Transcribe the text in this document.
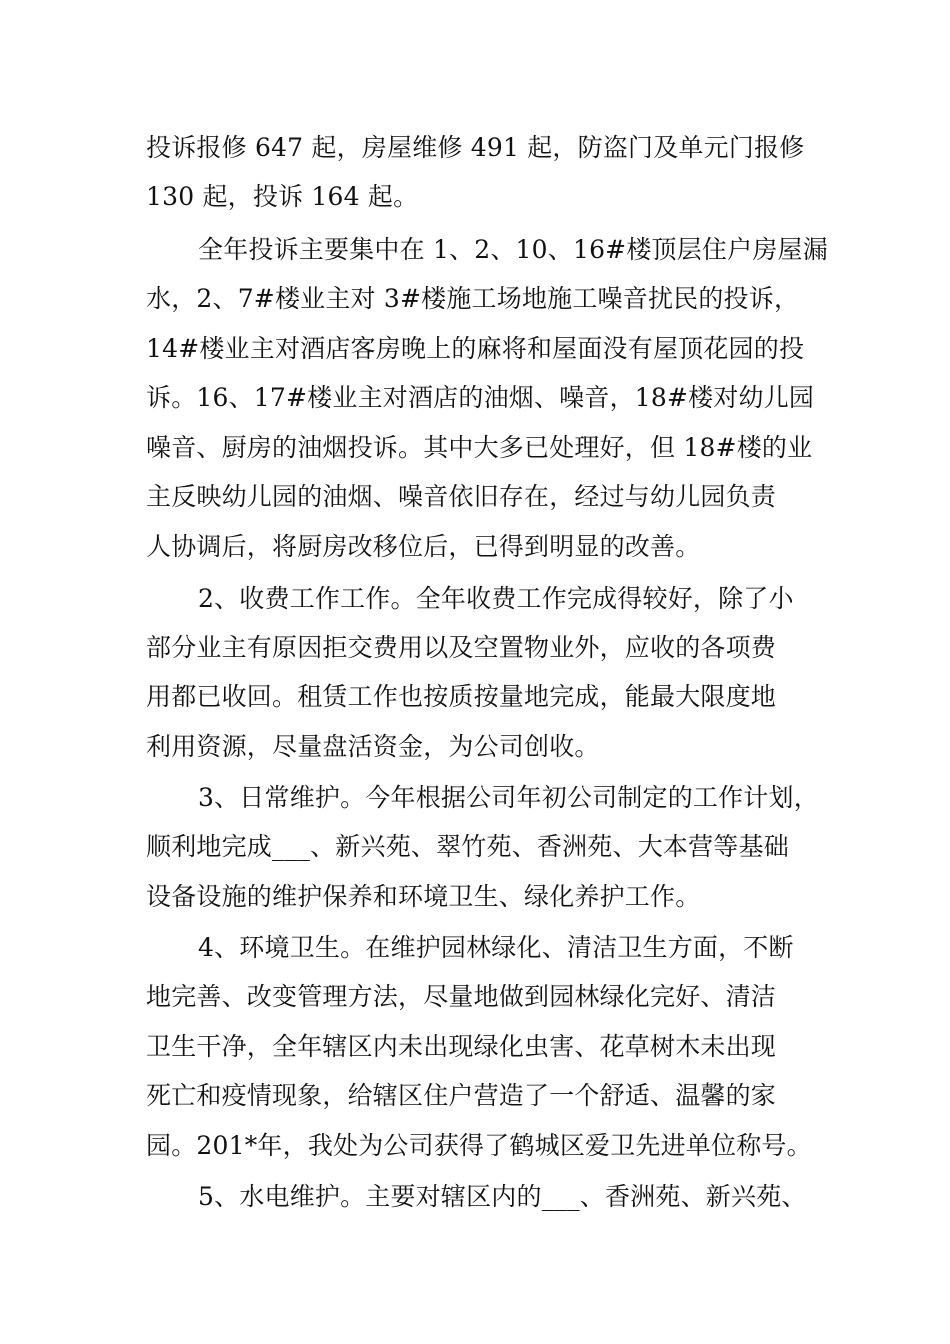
投诉报修 647 起，房屋维修 491 起，防盗门及单元门报修
130 起，投诉 164 起。
全年投诉主要集中在 1、2、10、16#楼顶层住户房屋漏
水，2、7#楼业主对 3#楼施工场地施工噪音扰民的投诉，
14#楼业主对酒店客房晚上的麻将和屋面没有屋顶花园的投
诉。16、17#楼业主对酒店的油烟、噪音，18#楼对幼儿园
噪音、厨房的油烟投诉。其中大多已处理好，但 18#楼的业
主反映幼儿园的油烟、噪音依旧存在，经过与幼儿园负责
人协调后，将厨房改移位后，已得到明显的改善。
2、收费工作工作。全年收费工作完成得较好，除了小
部分业主有原因拒交费用以及空置物业外，应收的各项费
用都已收回。租赁工作也按质按量地完成，能最大限度地
利用资源，尽量盘活资金，为公司创收。
3、日常维护。今年根据公司年初公司制定的工作计划，
顺利地完成___、新兴苑、翠竹苑、香洲苑、大本营等基础
设备设施的维护保养和环境卫生、绿化养护工作。
4、环境卫生。在维护园林绿化、清洁卫生方面，不断
地完善、改变管理方法，尽量地做到园林绿化完好、清洁
卫生干净，全年辖区内未出现绿化虫害、花草树木未出现
死亡和疫情现象，给辖区住户营造了一个舒适、温馨的家
园。201*年，我处为公司获得了鹤城区爱卫先进单位称号。
5、水电维护。主要对辖区内的___、香洲苑、新兴苑、
